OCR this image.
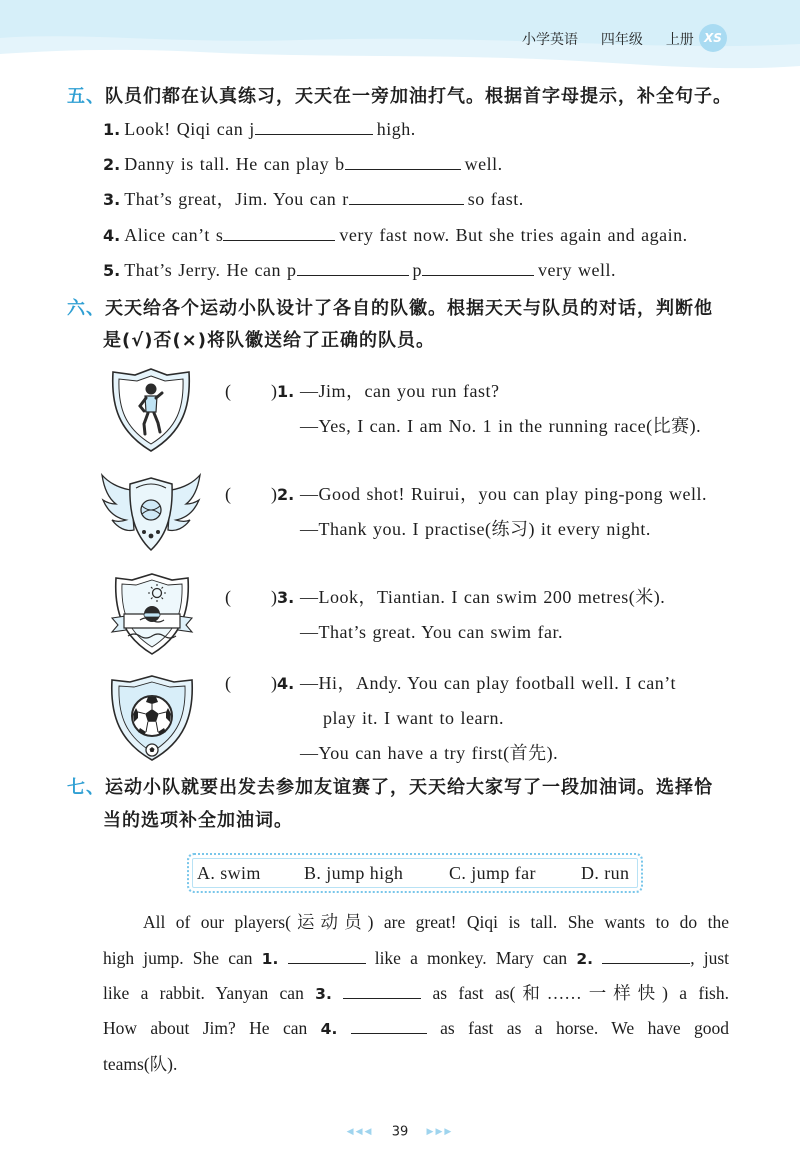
小学英语 四年级 上册 XS
五、队员们都在认真练习，天天在一旁加油打气。根据首字母提示，补全句子。
1. Look! Qiqi can j	high.
2. Danny is tall. He can play b	well.
3. That’s great，Jim. You can r	so fast.
4. Alice can’t s	very fast now. But she tries again and again.
5. That’s Jerry. He can p	p	very well.
六、天天给各个运动小队设计了各自的队徽。根据天天与队员的对话，判断他
是(√)否(×)将队徽送给了正确的队员。
( )1. —Jim，can you run fast?
—Yes, I can. I am No. 1 in the running race(比赛).
( )2. —Good shot! Ruirui，you can play ping-pong well.
—Thank you. I practise(练习) it every night.
( )3. —Look，Tiantian. I can swim 200 metres(米).
—That’s great. You can swim far.
( )4. —Hi，Andy. You can play football well. I can’t
play it. I want to learn.
—You can have a try first(首先).
七、运动小队就要出发去参加友谊赛了，天天给大家写了一段加油词。选择恰
当的选项补全加油词。
A. swim B. jump high	C. jump far	D. run
All of our players(运动员) are great! Qiqi is tall. She wants to do the
high jump. She can 1.	like a monkey. Mary can 2.	, just
like a rabbit. Yanyan can 3.	as fast as(和……一样快) a fish.
How about Jim? He can 4.	as fast as a horse. We have good
teams(队).
◀◀◀ 39 ▶▶▶
